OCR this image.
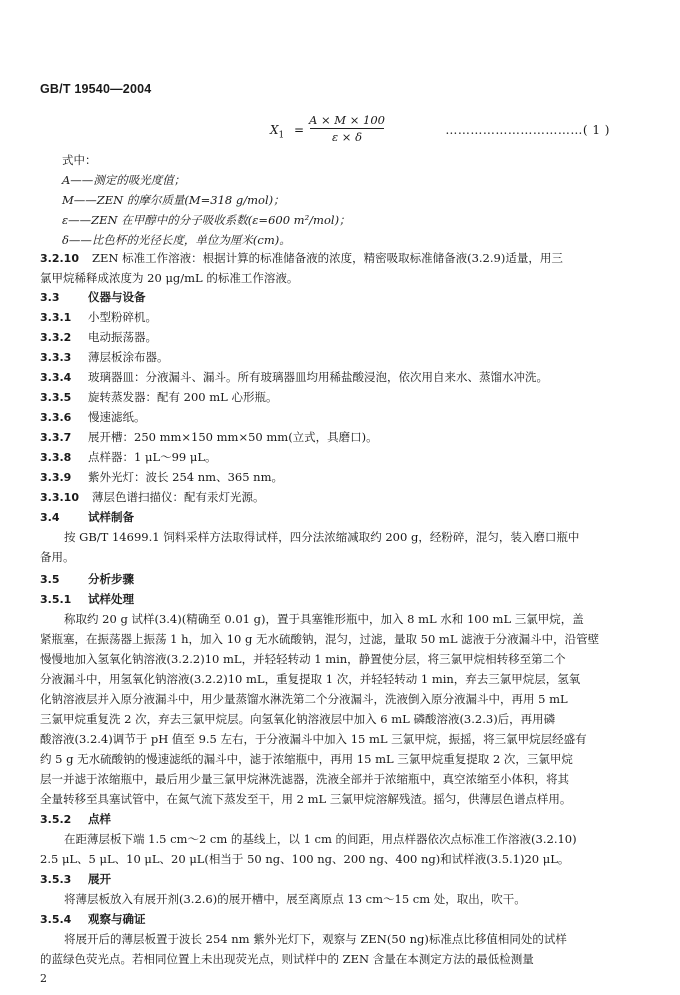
GB/T 19540—2004
$X_1$ =
A × M × 100
ε × δ	……………………………( 1 )
式中：
A——测定的吸光度值；
M——ZEN 的摩尔质量(M=318 g/mol)；
ε——ZEN 在甲醇中的分子吸收系数(ε=600 m²/mol)；
δ——比色杯的光径长度，单位为厘米(cm)。
3.2.10 ZEN 标准工作溶液：根据计算的标准储备液的浓度，精密吸取标准储备液(3.2.9)适量，用三
氯甲烷稀释成浓度为 20 μg/mL 的标准工作溶液。
3.3 仪器与设备
3.3.1 小型粉碎机。
3.3.2 电动振荡器。
3.3.3 薄层板涂布器。
3.3.4 玻璃器皿：分液漏斗、漏斗。所有玻璃器皿均用稀盐酸浸泡，依次用自来水、蒸馏水冲洗。
3.3.5 旋转蒸发器：配有 200 mL 心形瓶。
3.3.6 慢速滤纸。
3.3.7 展开槽：250 mm×150 mm×50 mm(立式，具磨口)。
3.3.8 点样器：1 μL～99 μL。
3.3.9 紫外光灯：波长 254 nm、365 nm。
3.3.10 薄层色谱扫描仪：配有汞灯光源。
3.4 试样制备
按 GB/T 14699.1 饲料采样方法取得试样，四分法浓缩减取约 200 g，经粉碎，混匀，装入磨口瓶中
备用。
3.5 分析步骤
3.5.1 试样处理
称取约 20 g 试样(3.4)(精确至 0.01 g)，置于具塞锥形瓶中，加入 8 mL 水和 100 mL 三氯甲烷，盖
紧瓶塞，在振荡器上振荡 1 h，加入 10 g 无水硫酸钠，混匀，过滤，量取 50 mL 滤液于分液漏斗中，沿管壁
慢慢地加入氢氧化钠溶液(3.2.2)10 mL，并轻轻转动 1 min，静置使分层，将三氯甲烷相转移至第二个
分液漏斗中，用氢氧化钠溶液(3.2.2)10 mL，重复提取 1 次，并轻轻转动 1 min，弃去三氯甲烷层，氢氧
化钠溶液层并入原分液漏斗中，用少量蒸馏水淋洗第二个分液漏斗，洗液倒入原分液漏斗中，再用 5 mL
三氯甲烷重复洗 2 次，弃去三氯甲烷层。向氢氧化钠溶液层中加入 6 mL 磷酸溶液(3.2.3)后，再用磷
酸溶液(3.2.4)调节于 pH 值至 9.5 左右，于分液漏斗中加入 15 mL 三氯甲烷，振摇，将三氯甲烷层经盛有
约 5 g 无水硫酸钠的慢速滤纸的漏斗中，滤于浓缩瓶中，再用 15 mL 三氯甲烷重复提取 2 次，三氯甲烷
层一并滤于浓缩瓶中，最后用少量三氯甲烷淋洗滤器，洗液全部并于浓缩瓶中，真空浓缩至小体积，将其
全量转移至具塞试管中，在氮气流下蒸发至干，用 2 mL 三氯甲烷溶解残渣。摇匀，供薄层色谱点样用。
3.5.2 点样
在距薄层板下端 1.5 cm～2 cm 的基线上，以 1 cm 的间距，用点样器依次点标准工作溶液(3.2.10)
2.5 μL、5 μL、10 μL、20 μL(相当于 50 ng、100 ng、200 ng、400 ng)和试样液(3.5.1)20 μL。
3.5.3 展开
将薄层板放入有展开剂(3.2.6)的展开槽中，展至离原点 13 cm～15 cm 处，取出，吹干。
3.5.4 观察与确证
将展开后的薄层板置于波长 254 nm 紫外光灯下，观察与 ZEN(50 ng)标准点比移值相同处的试样
的蓝绿色荧光点。若相同位置上未出现荧光点，则试样中的 ZEN 含量在本测定方法的最低检测量
2
